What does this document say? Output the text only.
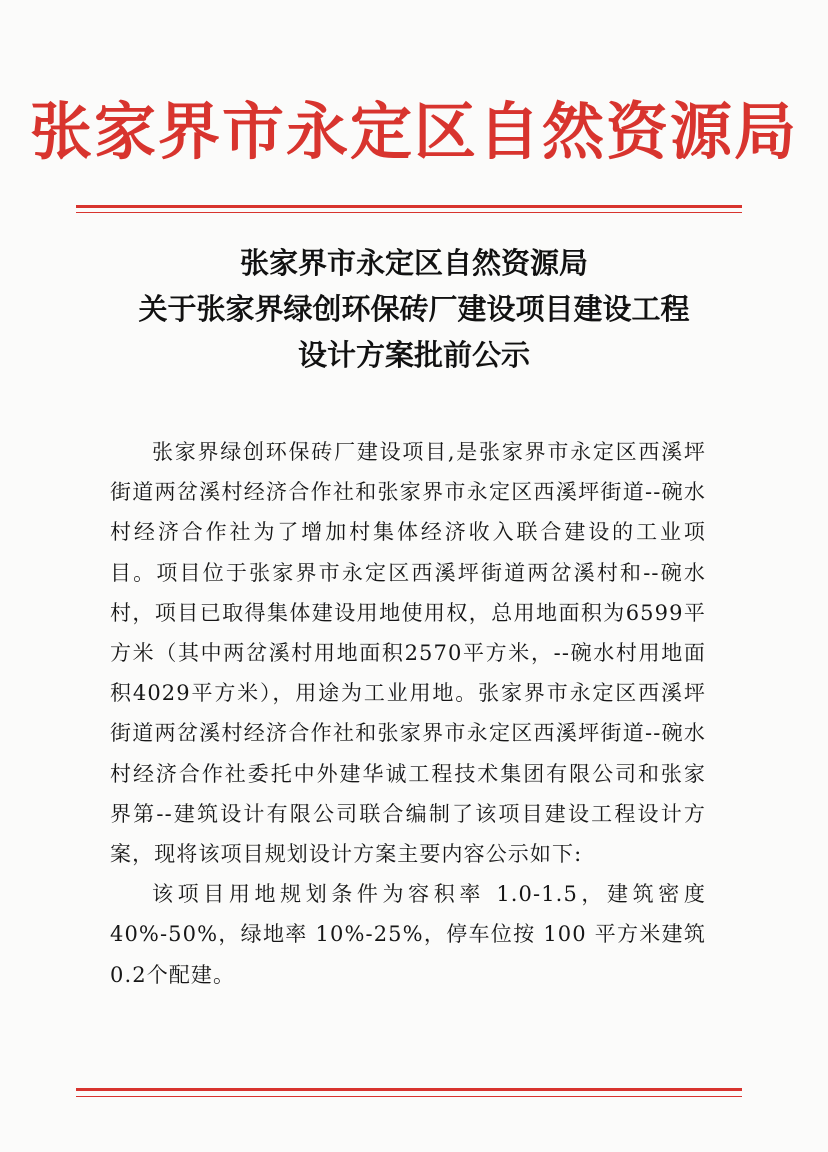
张家界市永定区自然资源局
张家界市永定区自然资源局
关于张家界绿创环保砖厂建设项目建设工程
设计方案批前公示

张家界绿创环保砖厂建设项目,是张家界市永定区西溪坪街道两岔溪村经济合作社和张家界市永定区西溪坪街道--碗水村经济合作社为了增加村集体经济收入联合建设的工业项目。项目位于张家界市永定区西溪坪街道两岔溪村和--碗水村，项目已取得集体建设用地使用权，总用地面积为6599平方米（其中两岔溪村用地面积2570平方米，--碗水村用地面积4029平方米），用途为工业用地。张家界市永定区西溪坪街道两岔溪村经济合作社和张家界市永定区西溪坪街道--碗水村经济合作社委托中外建华诚工程技术集团有限公司和张家界第--建筑设计有限公司联合编制了该项目建设工程设计方案，现将该项目规划设计方案主要内容公示如下:

该项目用地规划条件为容积率 1.0-1.5，建筑密度40%-50%，绿地率 10%-25%，停车位按 100 平方米建筑 0.2个配建。
